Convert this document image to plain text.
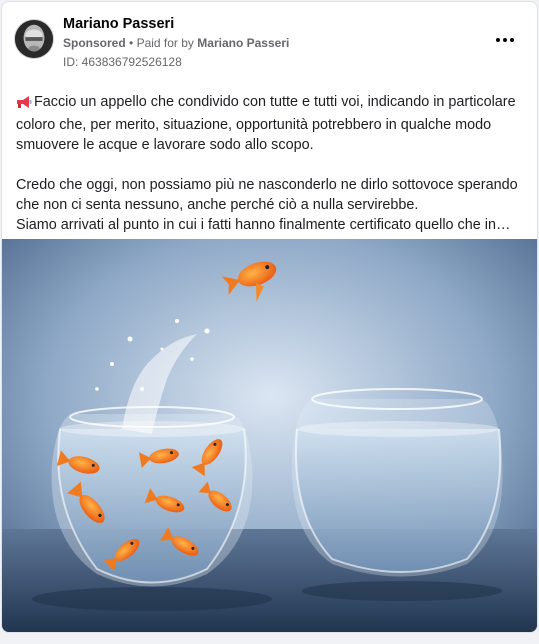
Mariano Passeri
Sponsored • Paid for by Mariano Passeri
ID: 463836792526128

Faccio un appello che condivido con tutte e tutti voi, indicando in particolare coloro che, per merito, situazione, opportunità potrebbero in qualche modo smuovere le acque e lavorare sodo allo scopo.

Credo che oggi, non possiamo più ne nasconderlo ne dirlo sottovoce sperando che non ci senta nessuno, anche perché ciò a nulla servirebbe.

Siamo arrivati al punto in cui i fatti hanno finalmente certificato quello che in…
